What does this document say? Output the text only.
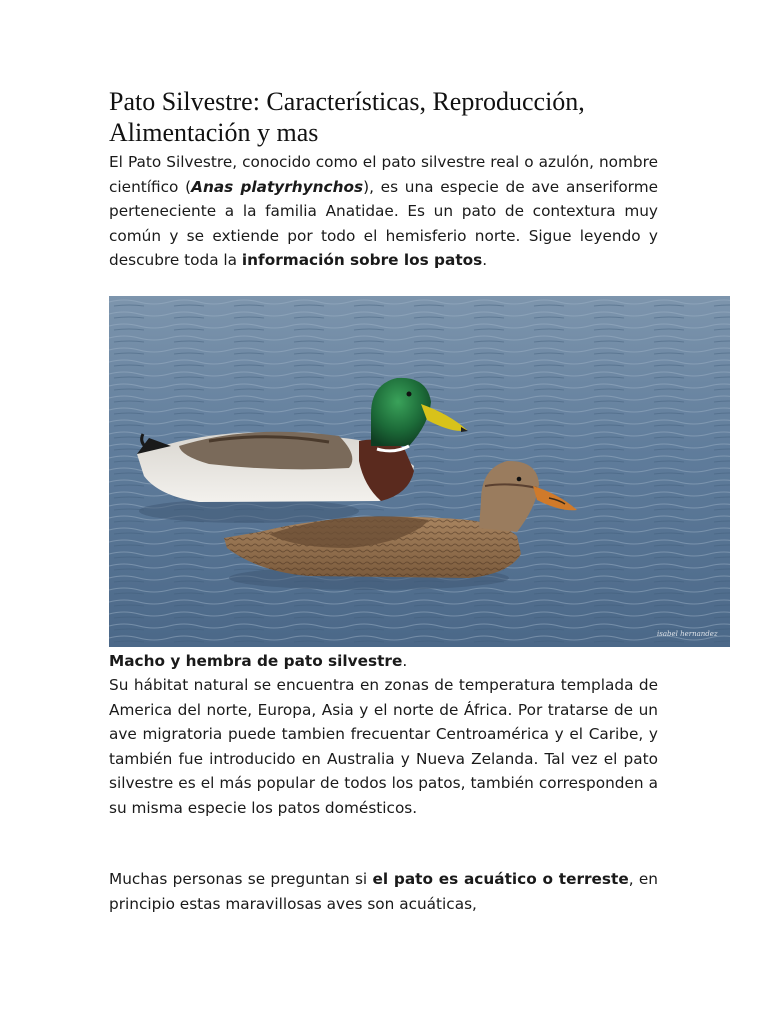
Pato Silvestre: Características, Reproducción, Alimentación y mas

El Pato Silvestre, conocido como el pato silvestre real o azulón, nombre científico (Anas platyrhynchos), es una especie de ave anseriforme perteneciente a la familia Anatidae. Es un pato de contextura muy común y se extiende por todo el hemisferio norte. Sigue leyendo y descubre toda la información sobre los patos.

isabel hernandez

Macho y hembra de pato silvestre.

Su hábitat natural se encuentra en zonas de temperatura templada de America del norte, Europa, Asia y el norte de África. Por tratarse de un ave migratoria puede tambien frecuentar Centroamérica y el Caribe, y también fue introducido en Australia y Nueva Zelanda. Tal vez el pato silvestre es el más popular de todos los patos, también corresponden a su misma especie los patos domésticos.

Muchas personas se preguntan si el pato es acuático o terreste, en principio estas maravillosas aves son acuáticas,
